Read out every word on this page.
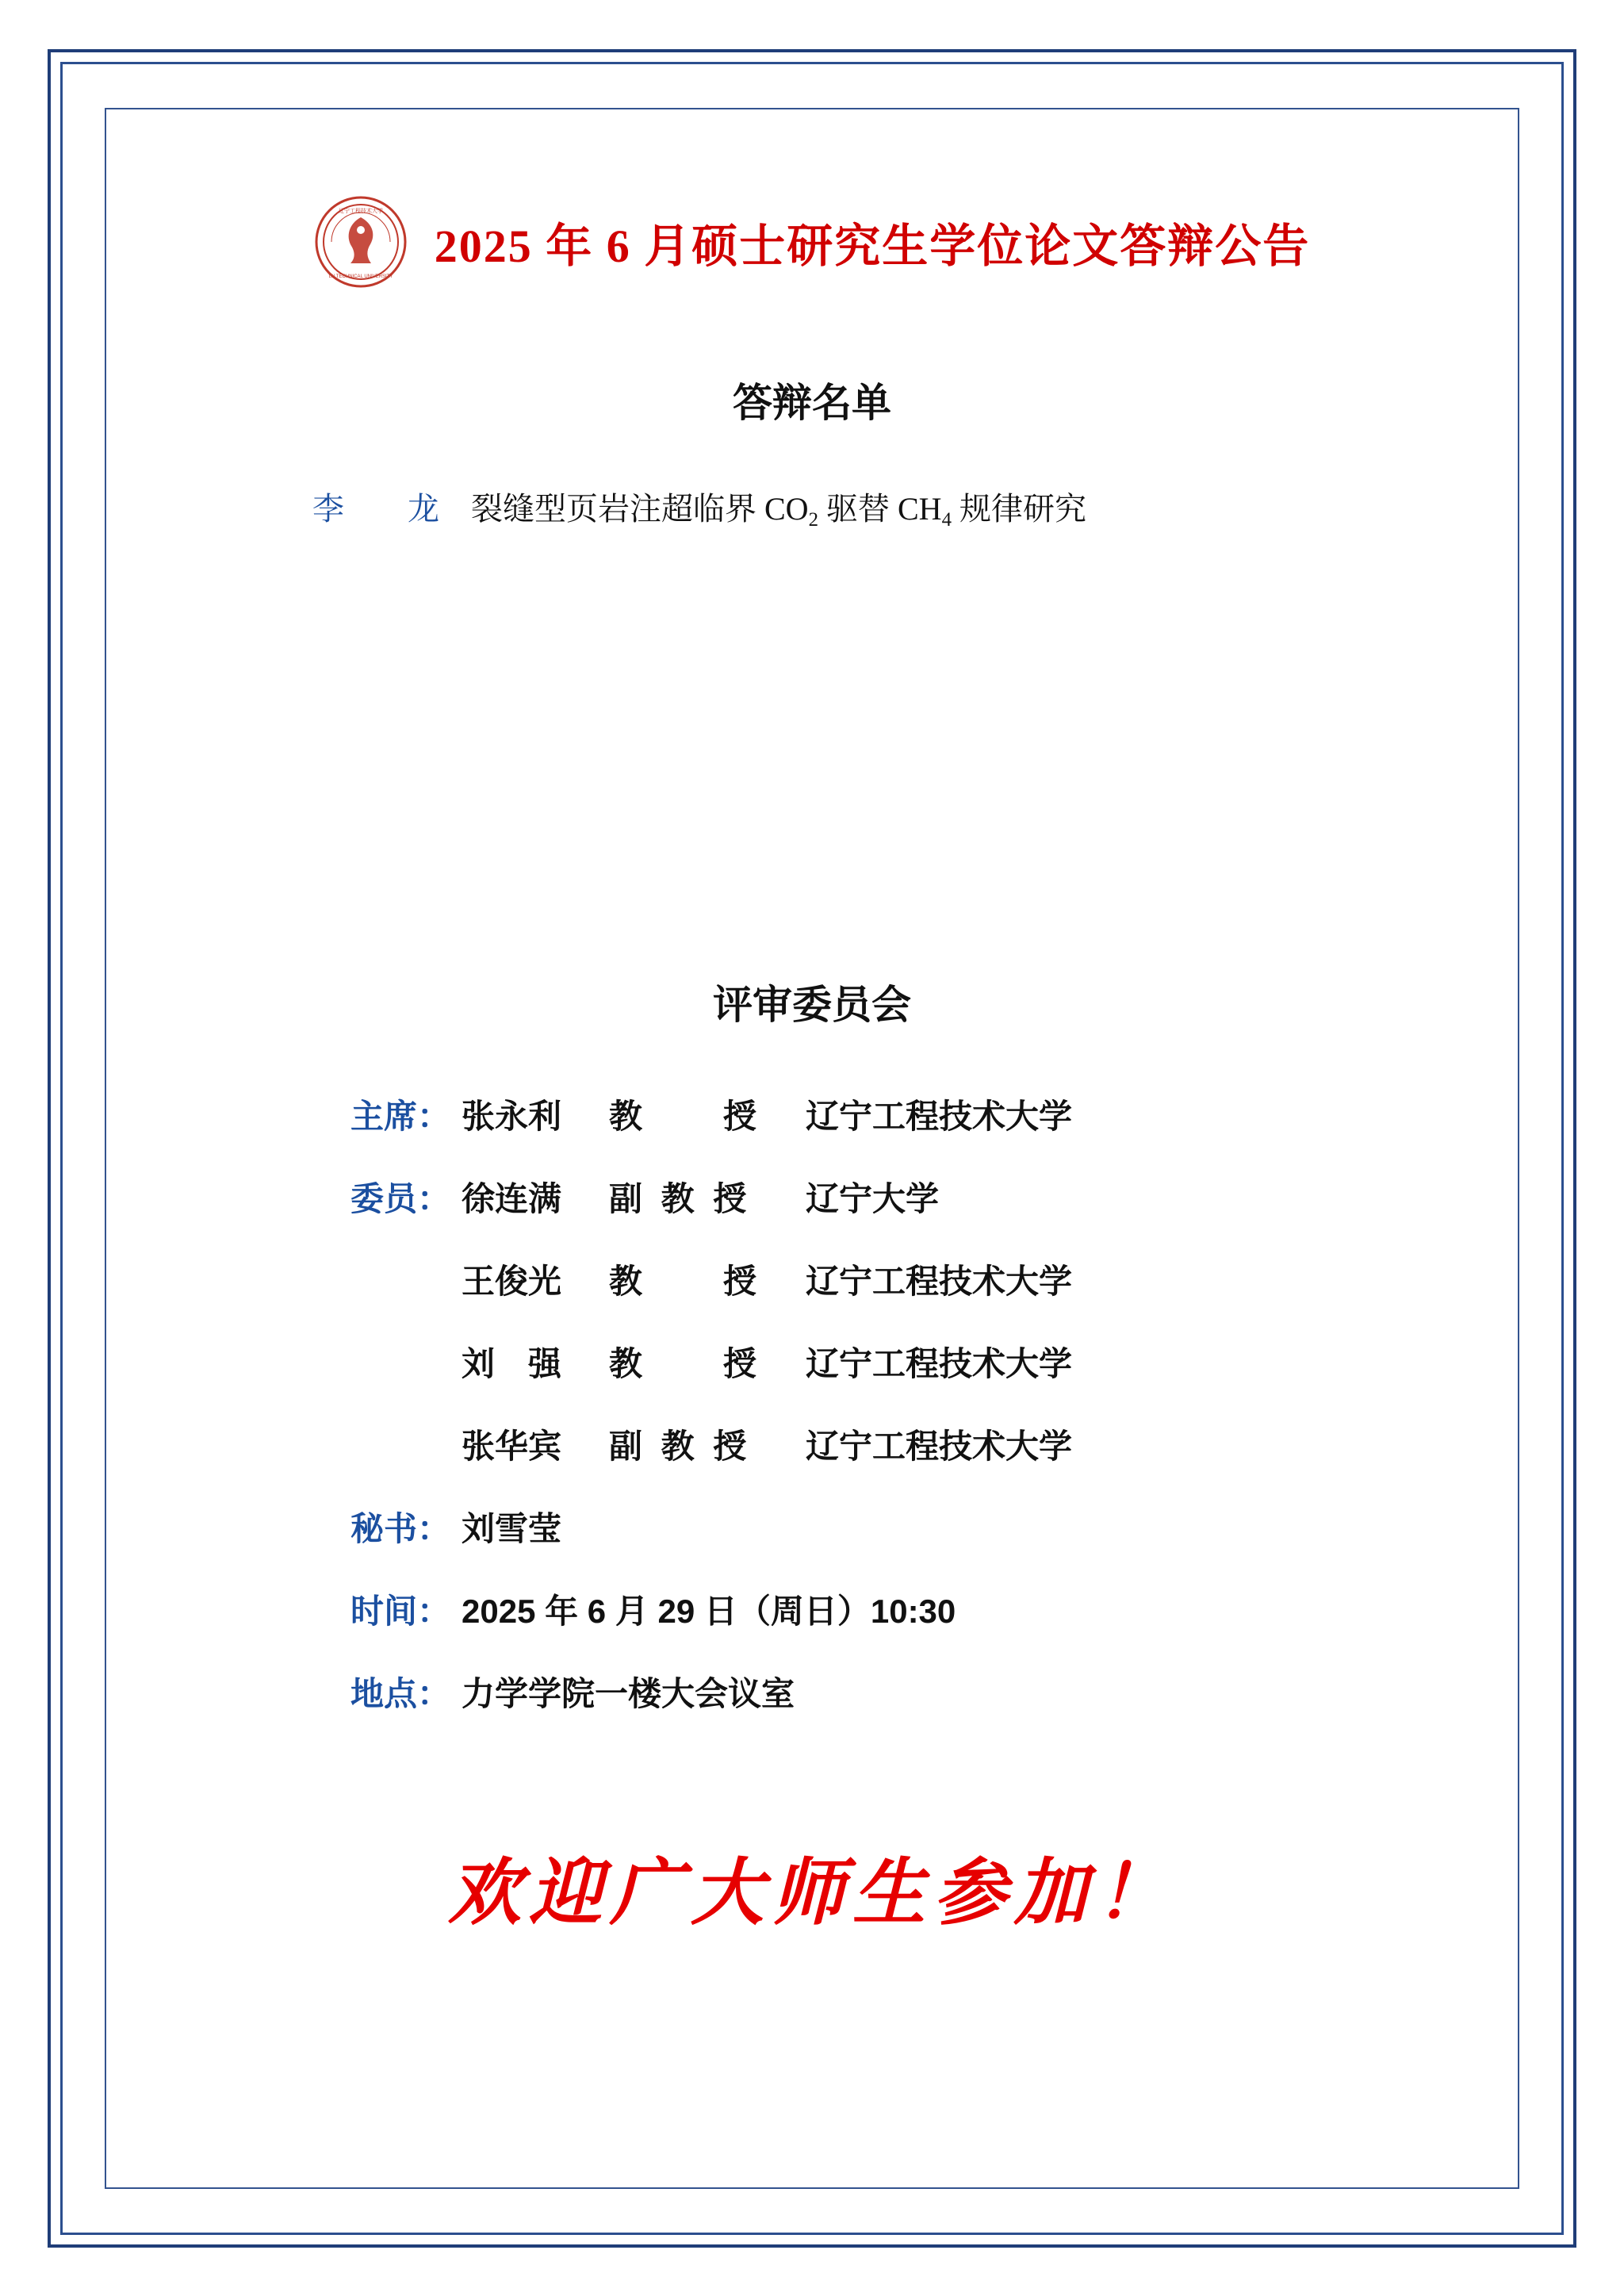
辽宁工程技术大学
LN TECHNICAL UNIVERSITY
2025 年 6 月硕士研究生学位论文答辩公告
答辩名单
李　龙 裂缝型页岩注超临界 $CO_2$ 驱替 $CH_4$ 规律研究
评审委员会
主席： 张永利	教　　授	辽宁工程技术大学
委员： 徐连满	副 教 授	辽宁大学
王俊光	教　　授	辽宁工程技术大学
刘　强	教　　授	辽宁工程技术大学
张华宾	副 教 授	辽宁工程技术大学
秘书： 刘雪莹
时间： 2025 年 6 月 29 日（周日）10:30
地点： 力学学院一楼大会议室
欢迎广大师生参加！
